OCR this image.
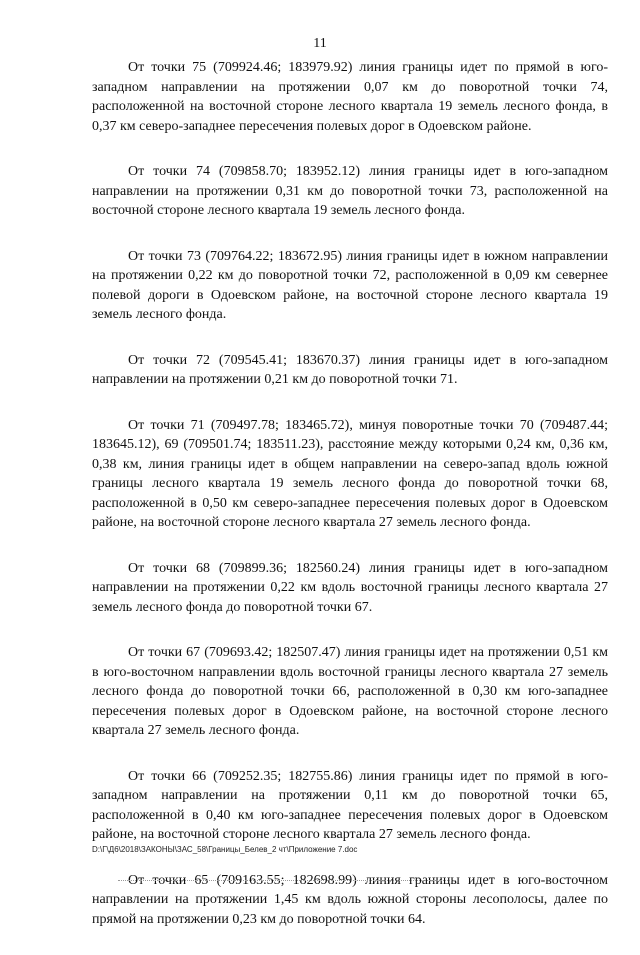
11

От точки 75 (709924.46; 183979.92) линия границы идет по прямой в юго-западном направлении на протяжении 0,07 км до поворотной точки 74, расположенной на восточной стороне лесного квартала 19 земель лесного фонда, в 0,37 км северо-западнее пересечения полевых дорог в Одоевском районе.

От точки 74 (709858.70; 183952.12) линия границы идет в юго-западном направлении на протяжении 0,31 км до поворотной точки 73, расположенной на восточной стороне лесного квартала 19 земель лесного фонда.

От точки 73 (709764.22; 183672.95) линия границы идет в южном направлении на протяжении 0,22 км до поворотной точки 72, расположенной в 0,09 км севернее полевой дороги в Одоевском районе, на восточной стороне лесного квартала 19 земель лесного фонда.

От точки 72 (709545.41; 183670.37) линия границы идет в юго-западном направлении на протяжении 0,21 км до поворотной точки 71.

От точки 71 (709497.78; 183465.72), минуя поворотные точки 70 (709487.44; 183645.12), 69 (709501.74; 183511.23), расстояние между которыми 0,24 км, 0,36 км, 0,38 км, линия границы идет в общем направлении на северо-запад вдоль южной границы лесного квартала 19 земель лесного фонда до поворотной точки 68, расположенной в 0,50 км северо-западнее пересечения полевых дорог в Одоевском районе, на восточной стороне лесного квартала 27 земель лесного фонда.

От точки 68 (709899.36; 182560.24) линия границы идет в юго-западном направлении на протяжении 0,22 км вдоль восточной границы лесного квартала 27 земель лесного фонда до поворотной точки 67.

От точки 67 (709693.42; 182507.47) линия границы идет на протяжении 0,51 км в юго-восточном направлении вдоль восточной границы лесного квартала 27 земель лесного фонда до поворотной точки 66, расположенной в 0,30 км юго-западнее пересечения полевых дорог в Одоевском районе, на восточной стороне лесного квартала 27 земель лесного фонда.

От точки 66 (709252.35; 182755.86) линия границы идет по прямой в юго-западном направлении на протяжении 0,11 км до поворотной точки 65, расположенной в 0,40 км юго-западнее пересечения полевых дорог в Одоевском районе, на восточной стороне лесного квартала 27 земель лесного фонда.

От точки 65 (709163.55; 182698.99) линия границы идет в юго-восточном направлении на протяжении 1,45 км вдоль южной стороны лесополосы, далее по прямой на протяжении 0,23 км до поворотной точки 64.

D:\Г\Д6\2018\ЗАКОНЫ\ЗАС_58\Границы_Белев_2 чт\Приложение 7.doc
